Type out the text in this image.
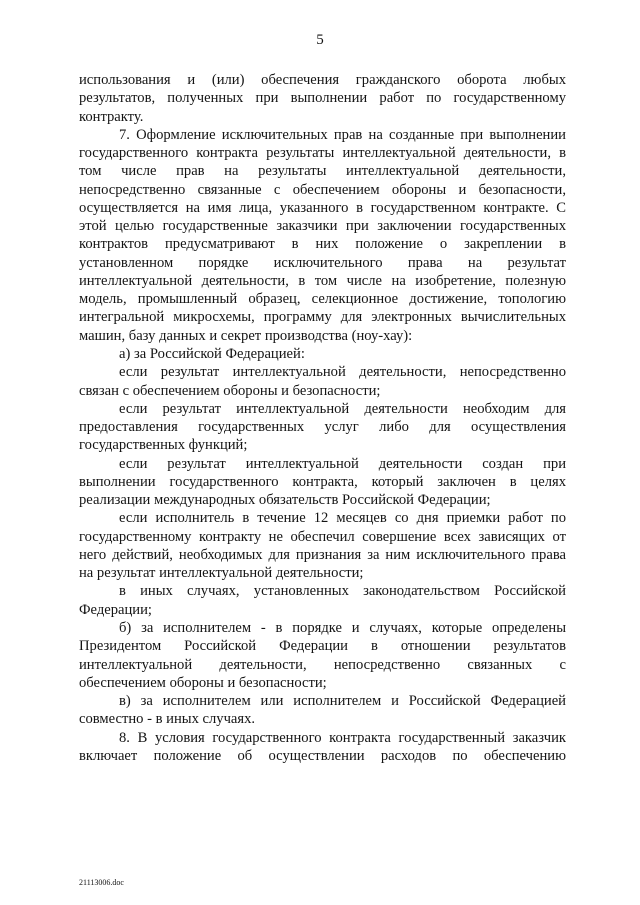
5
использования и (или) обеспечения гражданского оборота любых
результатов, полученных при выполнении работ по государственному
контракту.
7. Оформление исключительных прав на созданные при выполнении
государственного контракта результаты интеллектуальной деятельности, в
том числе прав на результаты интеллектуальной деятельности,
непосредственно связанные с обеспечением обороны и безопасности,
осуществляется на имя лица, указанного в государственном контракте. С
этой целью государственные заказчики при заключении государственных
контрактов предусматривают в них положение о закреплении в
установленном порядке исключительного права на результат
интеллектуальной деятельности, в том числе на изобретение, полезную
модель, промышленный образец, селекционное достижение, топологию
интегральной микросхемы, программу для электронных вычислительных
машин, базу данных и секрет производства (ноу-хау):
а) за Российской Федерацией:
если результат интеллектуальной деятельности, непосредственно
связан с обеспечением обороны и безопасности;
если результат интеллектуальной деятельности необходим для
предоставления государственных услуг либо для осуществления
государственных функций;
если результат интеллектуальной деятельности создан при
выполнении государственного контракта, который заключен в целях
реализации международных обязательств Российской Федерации;
если исполнитель в течение 12 месяцев со дня приемки работ по
государственному контракту не обеспечил совершение всех зависящих от
него действий, необходимых для признания за ним исключительного права
на результат интеллектуальной деятельности;
в иных случаях, установленных законодательством Российской
Федерации;
б) за исполнителем - в порядке и случаях, которые определены
Президентом Российской Федерации в отношении результатов
интеллектуальной деятельности, непосредственно связанных с
обеспечением обороны и безопасности;
в) за исполнителем или исполнителем и Российской Федерацией
совместно - в иных случаях.
8. В условия государственного контракта государственный заказчик
включает положение об осуществлении расходов по обеспечению
21113006.doc
